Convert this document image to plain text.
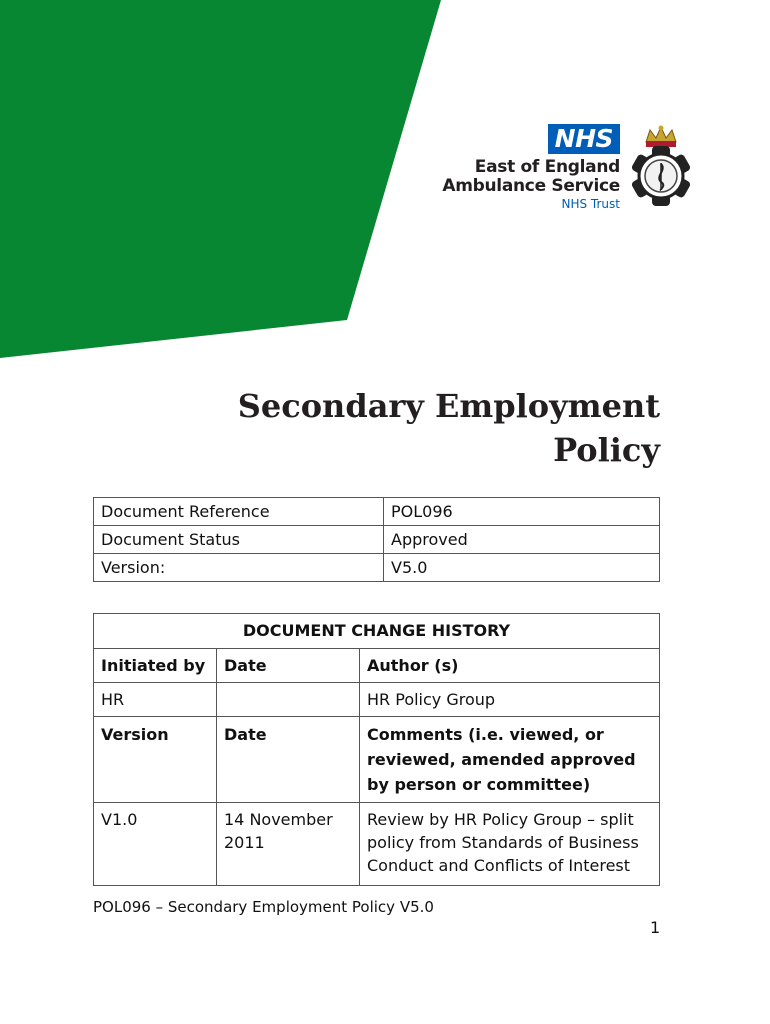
NHS
East of England
Ambulance Service
NHS Trust
Secondary Employment
Policy
Document Reference	POL096
Document Status	Approved
Version:	V5.0
DOCUMENT CHANGE HISTORY		
Initiated by	Date	Author (s)
HR		HR Policy Group
Version	Date	Comments (i.e. viewed, or reviewed, amended approved by person or committee)
V1.0	14 November 2011	Review by HR Policy Group – split policy from Standards of Business Conduct and Conflicts of Interest
POL096 – Secondary Employment Policy V5.0
1
